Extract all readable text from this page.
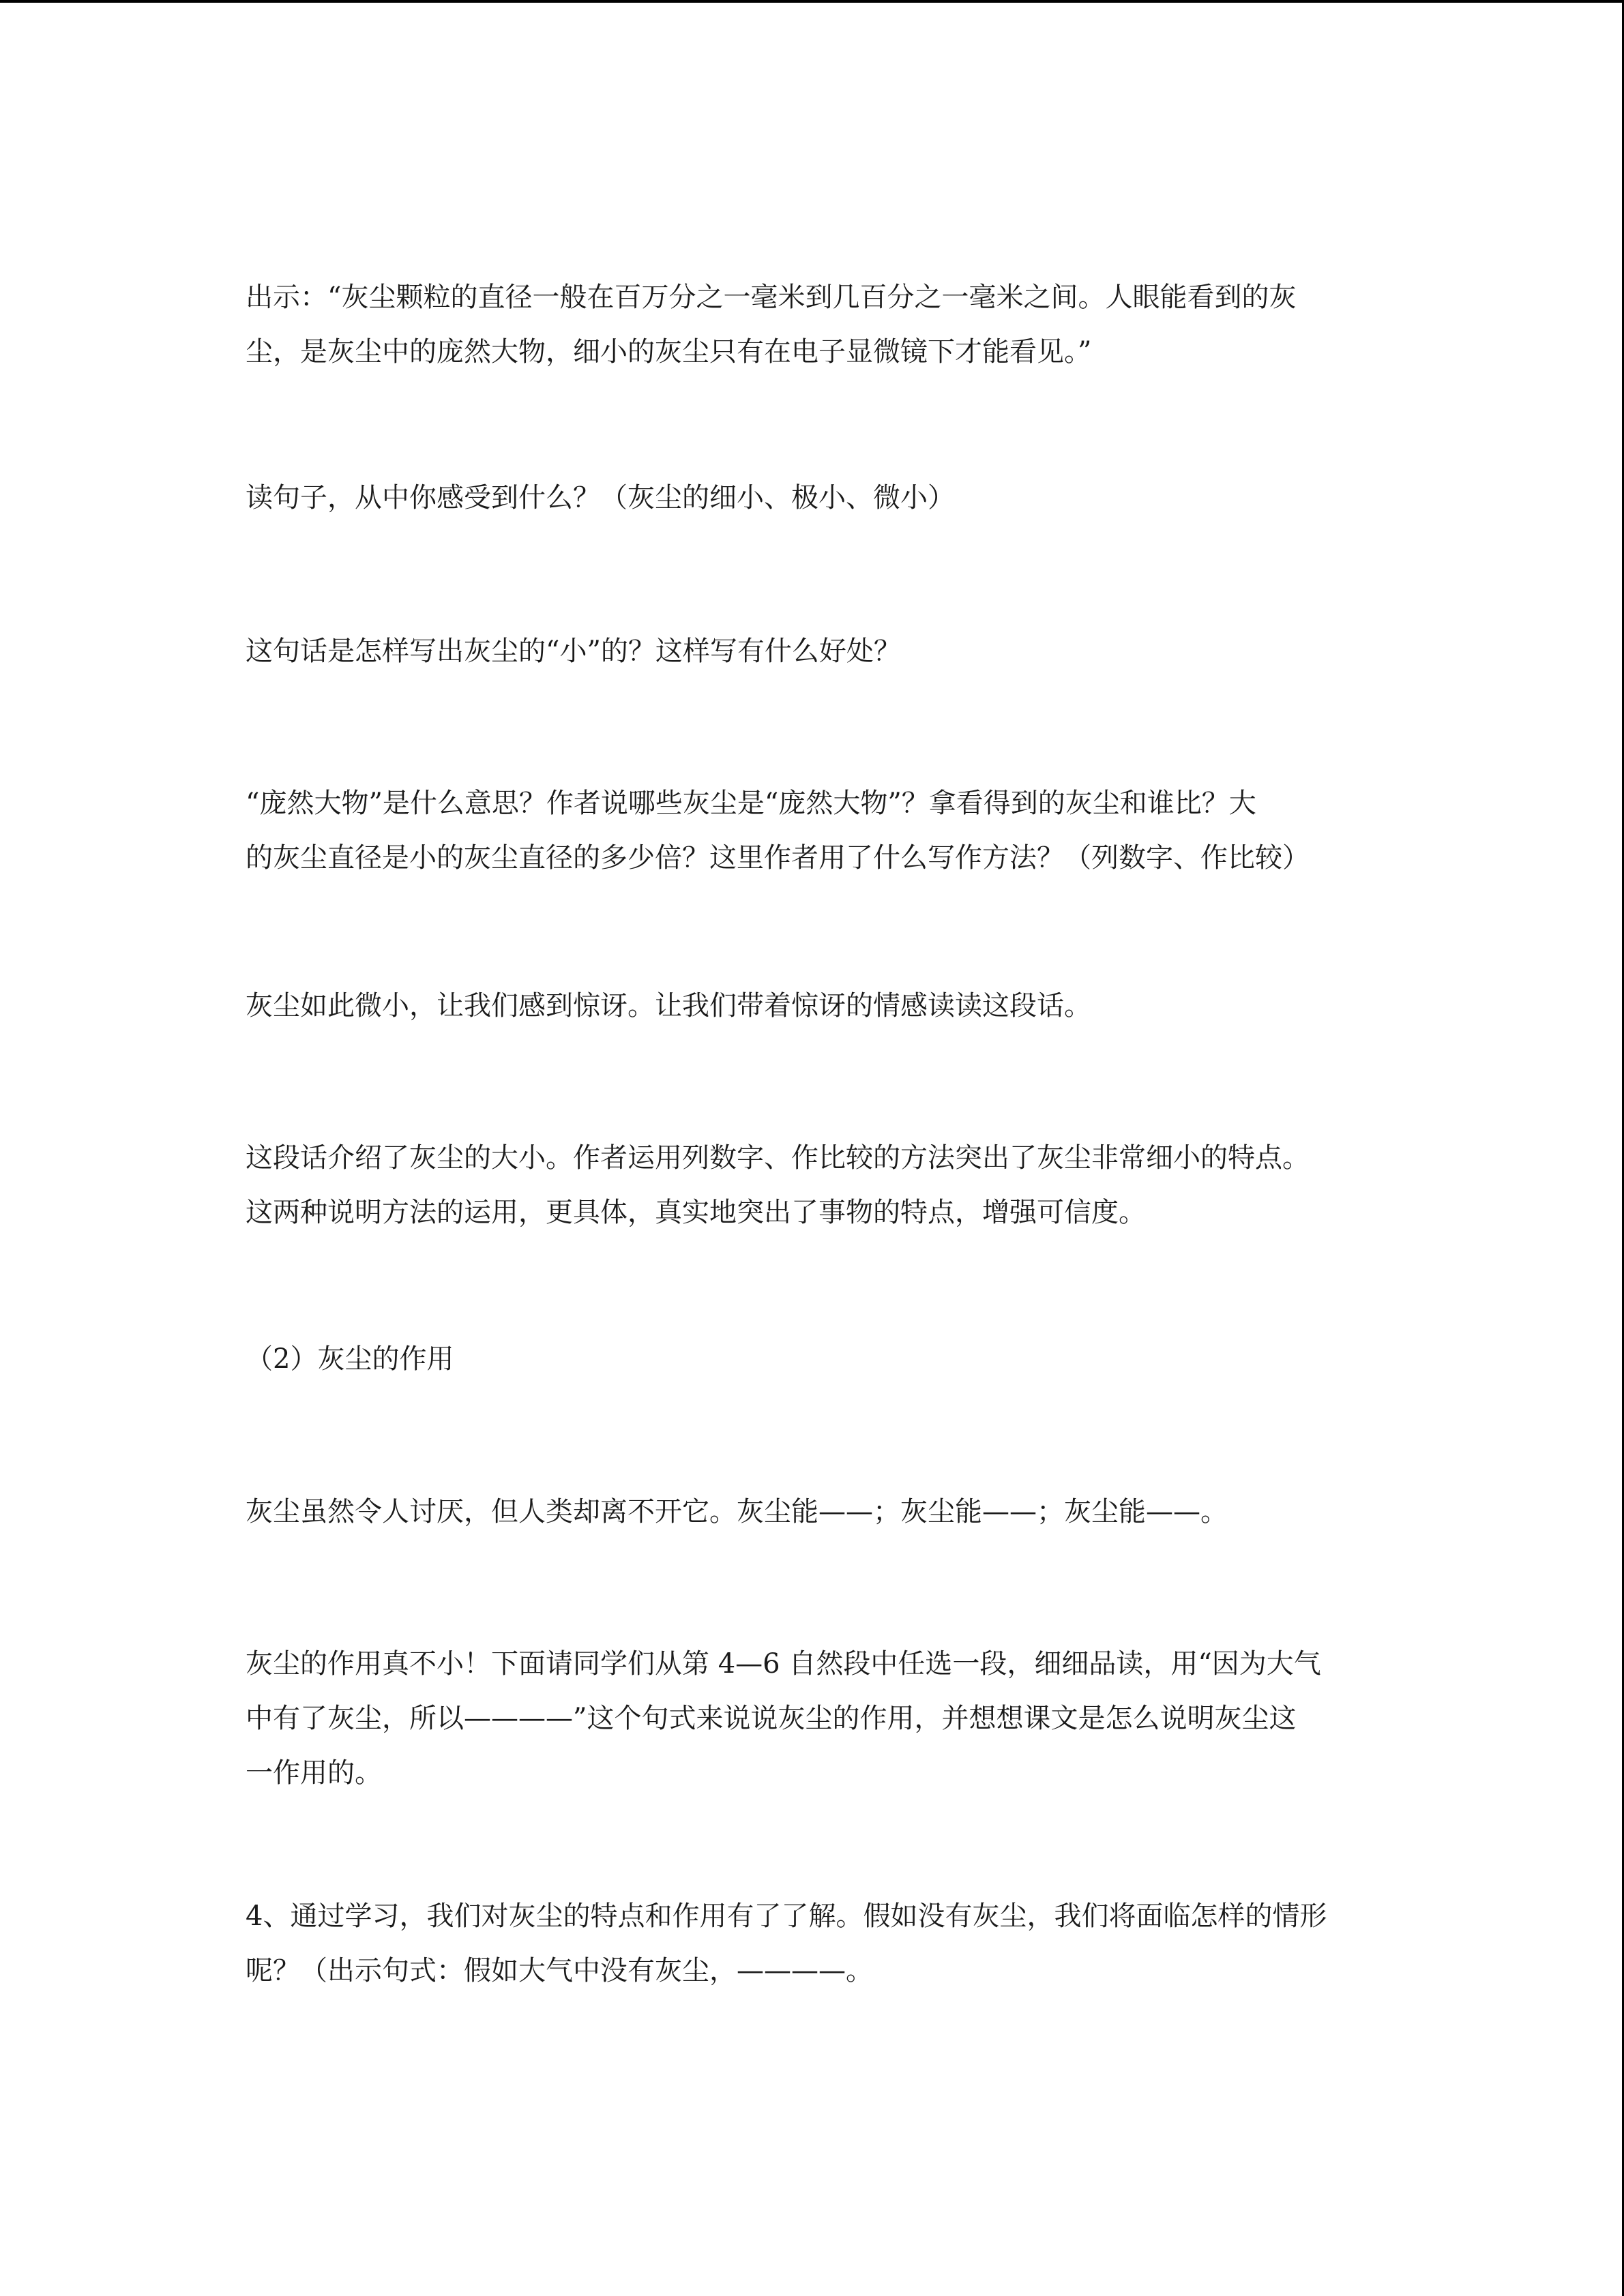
出示：“灰尘颗粒的直径一般在百万分之一毫米到几百分之一毫米之间。人眼能看到的灰
尘，是灰尘中的庞然大物，细小的灰尘只有在电子显微镜下才能看见。”
读句子，从中你感受到什么？（灰尘的细小、极小、微小）
这句话是怎样写出灰尘的“小”的？这样写有什么好处？
“庞然大物”是什么意思？作者说哪些灰尘是“庞然大物”？拿看得到的灰尘和谁比？大
的灰尘直径是小的灰尘直径的多少倍？这里作者用了什么写作方法？（列数字、作比较）
灰尘如此微小，让我们感到惊讶。让我们带着惊讶的情感读读这段话。
这段话介绍了灰尘的大小。作者运用列数字、作比较的方法突出了灰尘非常细小的特点。
这两种说明方法的运用，更具体，真实地突出了事物的特点，增强可信度。
（2）灰尘的作用
灰尘虽然令人讨厌，但人类却离不开它。灰尘能——；灰尘能——；灰尘能——。
灰尘的作用真不小！下面请同学们从第 4—6 自然段中任选一段，细细品读，用“因为大气
中有了灰尘，所以————”这个句式来说说灰尘的作用，并想想课文是怎么说明灰尘这
一作用的。
4、通过学习，我们对灰尘的特点和作用有了了解。假如没有灰尘，我们将面临怎样的情形
呢？（出示句式：假如大气中没有灰尘，————。
